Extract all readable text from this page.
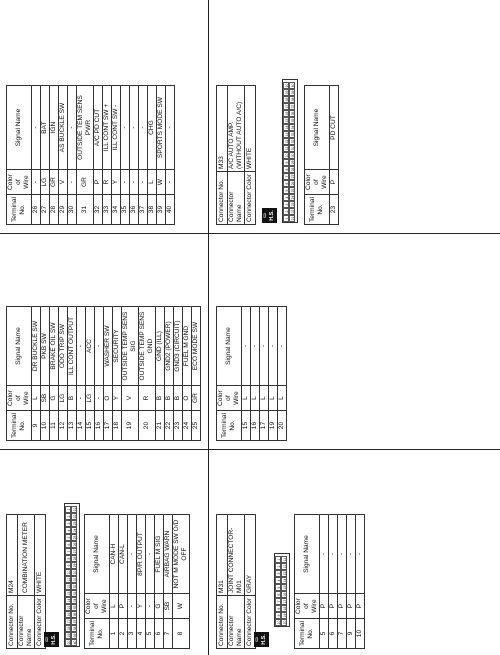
Connector No.	M24
Connector Name	COMBINATION METER
Connector Color	WHITE
▭ H.S.	20
19
18
17
16
15
14
13
12
11
10
9
8
7
6
5
4
3
2
1
40
39
38
37
36
35
34
33
32
31
30
29
28
27
26
25
24
23
22
21
Terminal No.	Color of Wire	Signal Name
1	L	CAN-H
2	P	CAN-L
3	-	-
4	Y	8P/R OUTPUT
5	-	-
6	G	FUEL M SIG
7	SB	AIRBAG WARN
8	W	NOT M MODE SW O/D OFF
Connector No.	M31
Connector Name	JOINT CONNECTOR-M01
Connector Color	GRAY
▭ H.S.
10
9
8
7
6
5
4
3
2
1
20
19
18
17
16
15
14
13
12
11
Terminal No.	Color of Wire	Signal Name
5	P	-
6	P	-
7	P	-
9	P	-
10	P	-
Terminal No.	Color of Wire	Signal Name
9	L	DR BUCKLE SW
10	SB	PKB SW
11	G	BRAKE OIL SW
12	LG	ODO TRIP SW
13	B	ILL CONT OUTPUT
14	-	-
15	LG	ACC
16	-	-
17	O	WASHER SW
18	Y	SECURITY
19	V	OUTSIDE TEMP SENS SIG
20	R	OUTSIDE TEMP SENS GND
21	B	GND (ILL)
22	B	GND2 (POWER)
23	B	GND3 (CIRCUIT)
24	O	FUEL M GND
25	GR	ECO MODE SW
Terminal No.	Color of Wire	Signal Name
15	L	-
16	L	-
17	L	-
19	L	-
20	L	-
Terminal No.	Color of Wire	Signal Name
26	-	-
27	LG	BAT
28	GR	IGN
29	V	AS BUCKLE SW
30	-	-
31	GR	OUTSIDE TEM SENS PWR
32	P	A/C PD CUT
33	R	ILL CONT SW +
34	Y	ILL CONT SW -
35	-	-
36	-	-
37	-	-
38	L	CHG
39	W	SPORTS MODE SW
40	-	-
Connector No.	M33
Connector Name	A/C AUTO AMP. (WITHOUT AUTO A/C)
Connector Color	WHITE
▭ H.S.	1
2
3
4
5
6
7
8
9
10
11
12
13
14
15
16
17
18
19
20
21
22
23
24
25
26
27
28
29
30
31
32
33
34
35
36
37
38
39
40
Terminal No.	Color of Wire	Signal Name
23	P	PD CUT
